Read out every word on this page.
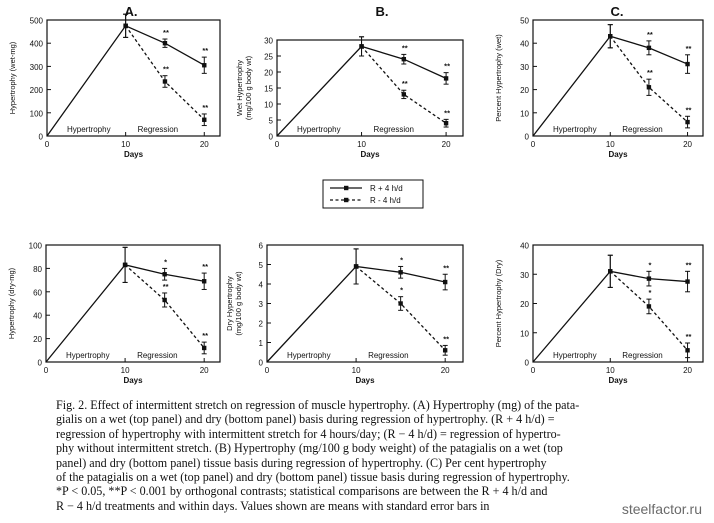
0
100
200
300
400
500
0	10	20
Days
Hypertrophy (wet-mg)
A.
Hypertrophy	Regression
**
**
**
**
0
5
10
15
20
25
30
0	10	20
Days
Wet Hypertrophy(mg/100 g body wt)
B.
Hypertrophy	Regression
**
**
**
**
0
10
20
30
40
50
0	10	20
Days
Percent Hypertrophy (wet)
C.
Hypertrophy	Regression
**
**
**
**
0
20
40
60
80
100
0	10	20
Days
Hypertrophy (dry-mg)
Hypertrophy	Regression
*
**
**
**
0
1
2
3
4
5
6
0	10	20
Days
Dry Hypertrophy(mg/100 g body wt)
Hypertrophy	Regression
*
**
*
**
0
10
20
30
40
0	10	20
Days
Percent Hypertrophy (Dry)
Hypertrophy	Regression
*	**
*
**
R + 4 h/d
R - 4 h/d
Fig. 2. Effect of intermittent stretch on regression of muscle hypertrophy. (A) Hypertrophy (mg) of the pata-
gialis on a wet (top panel) and dry (bottom panel) basis during regression of hypertrophy. (R + 4 h/d) =
regression of hypertrophy with intermittent stretch for 4 hours/day; (R − 4 h/d) = regression of hypertro-
phy without intermittent stretch. (B) Hypertrophy (mg/100 g body weight) of the patagialis on a wet (top
panel) and dry (bottom panel) tissue basis during regression of hypertrophy. (C) Per cent hypertrophy
of the patagialis on a wet (top panel) and dry (bottom panel) tissue basis during regression of hypertrophy.
*P < 0.05, **P < 0.001 by orthogonal contrasts; statistical comparisons are between the R + 4 h/d and
R − 4 h/d treatments and within days. Values shown are means with standard error bars in	steelfactor.ru
